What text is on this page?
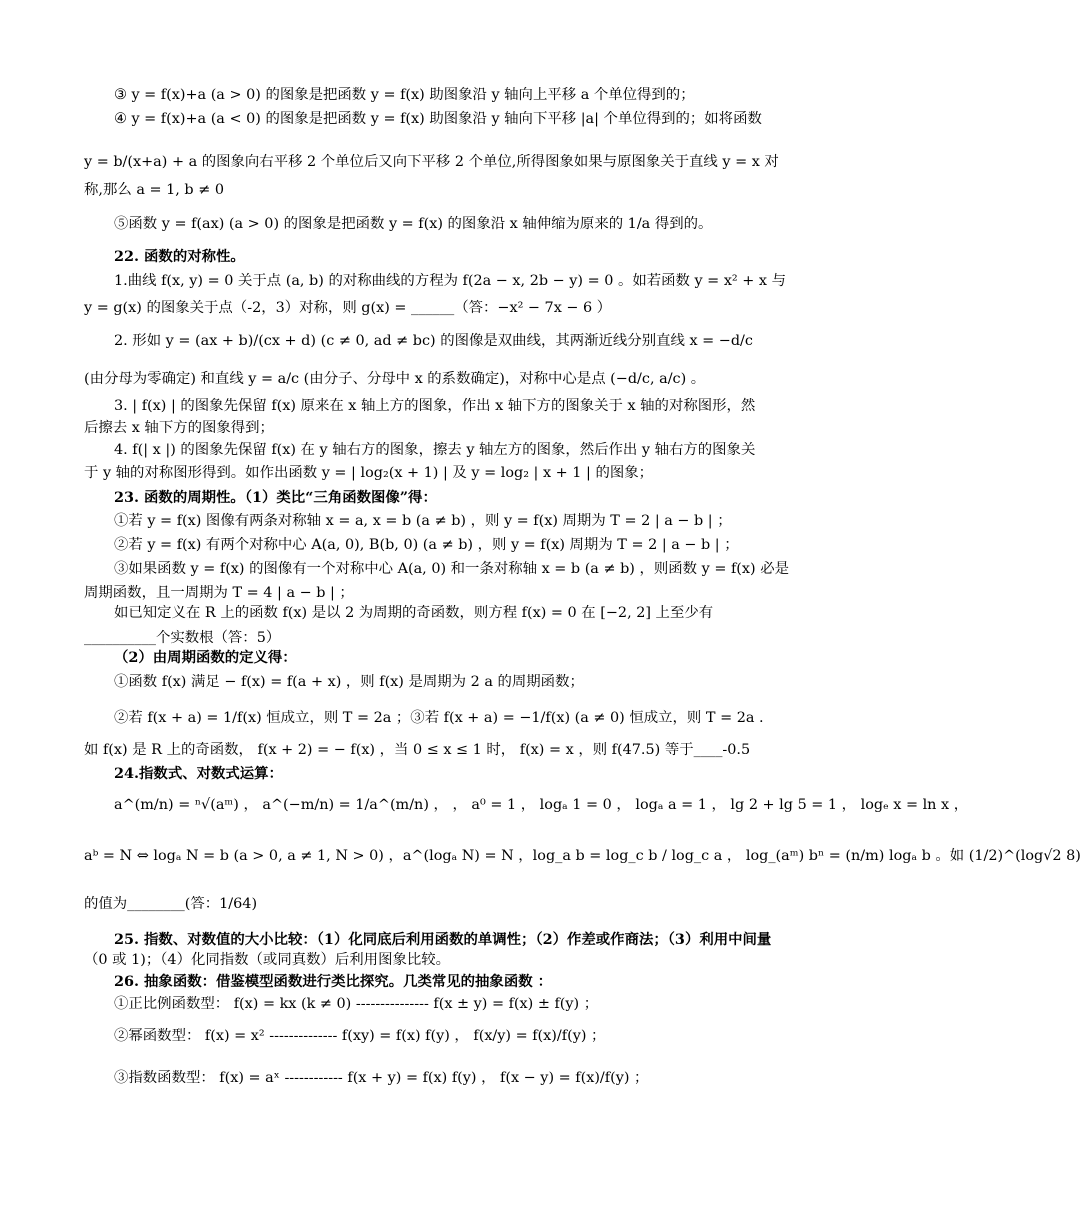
③ y = f(x)+a (a > 0) 的图象是把函数 y = f(x) 助图象沿 y 轴向上平移 a 个单位得到的；
④ y = f(x)+a (a < 0) 的图象是把函数 y = f(x) 助图象沿 y 轴向下平移 |a| 个单位得到的；如将函数
y = b/(x+a) + a 的图象向右平移 2 个单位后又向下平移 2 个单位,所得图象如果与原图象关于直线 y = x 对
称,那么 a = 1, b ≠ 0
⑤函数 y = f(ax) (a > 0) 的图象是把函数 y = f(x) 的图象沿 x 轴伸缩为原来的 1/a 得到的。
22. 函数的对称性。
1.曲线 f(x, y) = 0 关于点 (a, b) 的对称曲线的方程为 f(2a − x, 2b − y) = 0 。如若函数 y = x² + x 与
y = g(x) 的图象关于点（-2，3）对称，则 g(x) = ______（答：−x² − 7x − 6 ）
2. 形如 y = (ax + b)/(cx + d) (c ≠ 0, ad ≠ bc) 的图像是双曲线，其两渐近线分别直线 x = −d/c
(由分母为零确定) 和直线 y = a/c (由分子、分母中 x 的系数确定)，对称中心是点 (−d/c, a/c) 。
3. | f(x) | 的图象先保留 f(x) 原来在 x 轴上方的图象，作出 x 轴下方的图象关于 x 轴的对称图形，然
后擦去 x 轴下方的图象得到；
4. f(| x |) 的图象先保留 f(x) 在 y 轴右方的图象，擦去 y 轴左方的图象，然后作出 y 轴右方的图象关
于 y 轴的对称图形得到。如作出函数 y = | log₂(x + 1) | 及 y = log₂ | x + 1 | 的图象；
23. 函数的周期性。（1）类比“三角函数图像”得：
①若 y = f(x) 图像有两条对称轴 x = a, x = b (a ≠ b) ，则 y = f(x) 周期为 T = 2 | a − b | ；
②若 y = f(x) 有两个对称中心 A(a, 0), B(b, 0) (a ≠ b) ，则 y = f(x) 周期为 T = 2 | a − b | ；
③如果函数 y = f(x) 的图像有一个对称中心 A(a, 0) 和一条对称轴 x = b (a ≠ b) ，则函数 y = f(x) 必是
周期函数，且一周期为 T = 4 | a − b | ；
如已知定义在 R 上的函数 f(x) 是以 2 为周期的奇函数，则方程 f(x) = 0 在 [−2, 2] 上至少有
__________个实数根（答：5）
（2）由周期函数的定义得：
①函数 f(x) 满足 − f(x) = f(a + x) ，则 f(x) 是周期为 2 a 的周期函数；
②若 f(x + a) = 1/f(x) 恒成立，则 T = 2a ；③若 f(x + a) = −1/f(x) (a ≠ 0) 恒成立，则 T = 2a .
如 f(x) 是 R 上的奇函数， f(x + 2) = − f(x) ，当 0 ≤ x ≤ 1 时， f(x) = x ，则 f(47.5) 等于____-0.5
24.指数式、对数式运算：
a^(m/n) = ⁿ√(aᵐ) ， a^(−m/n) = 1/a^(m/n) ， ， a⁰ = 1 ， logₐ 1 = 0 ， logₐ a = 1 ， lg 2 + lg 5 = 1 ， logₑ x = ln x ，
aᵇ = N ⇔ logₐ N = b (a > 0, a ≠ 1, N > 0) ，a^(logₐ N) = N ，log_a b = log_c b / log_c a ， log_(aᵐ) bⁿ = (n/m) logₐ b 。如 (1/2)^(log√2 8)
的值为________(答：1/64)
25. 指数、对数值的大小比较：（1）化同底后利用函数的单调性；（2）作差或作商法；（3）利用中间量
（0 或 1)；（4）化同指数（或同真数）后利用图象比较。
26. 抽象函数：借鉴模型函数进行类比探究。几类常见的抽象函数 ：
①正比例函数型： f(x) = kx (k ≠ 0) --------------- f(x ± y) = f(x) ± f(y) ；
②幂函数型： f(x) = x² -------------- f(xy) = f(x) f(y) ， f(x/y) = f(x)/f(y) ；
③指数函数型： f(x) = aˣ ------------ f(x + y) = f(x) f(y) ， f(x − y) = f(x)/f(y) ；
